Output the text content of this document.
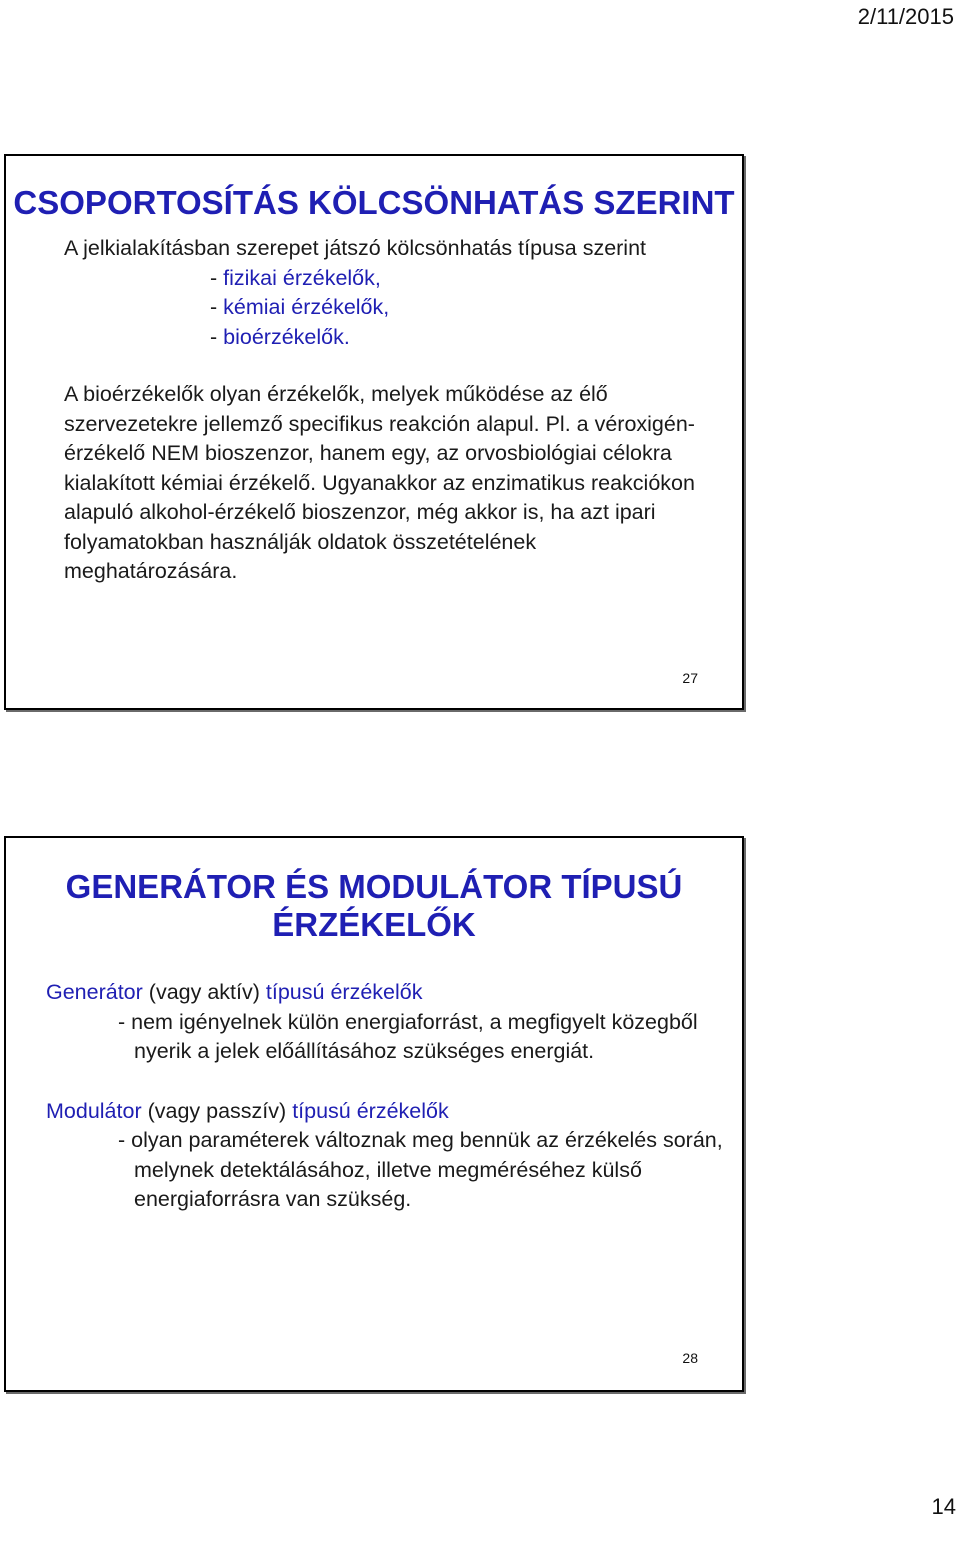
2/11/2015
CSOPORTOSÍTÁS KÖLCSÖNHATÁS SZERINT
A jelkialakításban szerepet játszó kölcsönhatás típusa szerint
- fizikai érzékelők,
- kémiai érzékelők,
- bioérzékelők.
A bioérzékelők olyan érzékelők, melyek működése az élő szervezetekre jellemző specifikus reakción alapul. Pl. a véroxigén-érzékelő NEM bioszenzor, hanem egy, az orvosbiológiai célokra kialakított kémiai érzékelő. Ugyanakkor az enzimatikus reakciókon alapuló alkohol-érzékelő bioszenzor, még akkor is, ha azt ipari folyamatokban használják oldatok összetételének meghatározására.
27
GENERÁTOR ÉS MODULÁTOR TÍPUSÚ ÉRZÉKELŐK
Generátor (vagy aktív) típusú érzékelők
- nem igényelnek külön energiaforrást, a megfigyelt közegből nyerik a jelek előállításához szükséges energiát.
Modulátor (vagy passzív) típusú érzékelők
- olyan paraméterek változnak meg bennük az érzékelés során, melynek detektálásához, illetve megméréséhez külső energiaforrásra van szükség.
28
14
